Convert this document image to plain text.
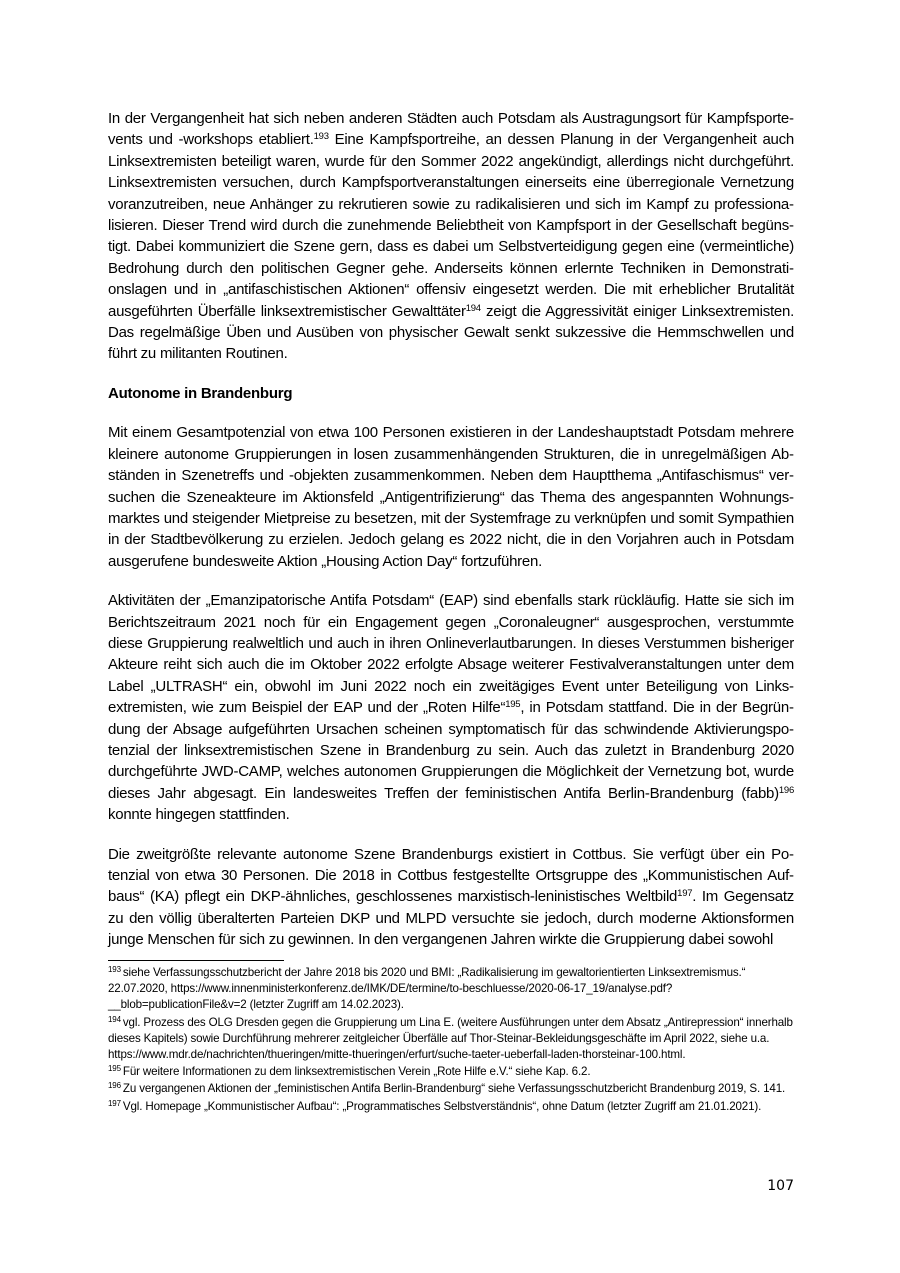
In der Vergangenheit hat sich neben anderen Städten auch Potsdam als Austragungsort für Kampfsportevents und -workshops etabliert.$^{193}$ Eine Kampfsportreihe, an dessen Planung in der Vergangenheit auch Linksextremisten beteiligt waren, wurde für den Sommer 2022 angekündigt, allerdings nicht durchgeführt. Linksextremisten versuchen, durch Kampfsportveranstaltungen einerseits eine überregionale Vernetzung voranzutreiben, neue Anhänger zu rekrutieren sowie zu radikalisieren und sich im Kampf zu professionalisieren. Dieser Trend wird durch die zunehmende Beliebtheit von Kampfsport in der Gesellschaft begünstigt. Dabei kommuniziert die Szene gern, dass es dabei um Selbstverteidigung gegen eine (vermeintliche) Bedrohung durch den politischen Gegner gehe. Anderseits können erlernte Techniken in Demonstrationslagen und in „antifaschistischen Aktionen“ offensiv eingesetzt werden. Die mit erheblicher Brutalität ausgeführten Überfälle linksextremistischer Gewalttäter$^{194}$ zeigt die Aggressivität einiger Linksextremisten. Das regelmäßige Üben und Ausüben von physischer Gewalt senkt sukzessive die Hemmschwellen und führt zu militanten Routinen.

Autonome in Brandenburg

Mit einem Gesamtpotenzial von etwa 100 Personen existieren in der Landeshauptstadt Potsdam mehrere kleinere autonome Gruppierungen in losen zusammenhängenden Strukturen, die in unregelmäßigen Abständen in Szenetreffs und -objekten zusammenkommen. Neben dem Hauptthema „Antifaschismus“ versuchen die Szeneakteure im Aktionsfeld „Antigentrifizierung“ das Thema des angespannten Wohnungsmarktes und steigender Mietpreise zu besetzen, mit der Systemfrage zu verknüpfen und somit Sympathien in der Stadtbevölkerung zu erzielen. Jedoch gelang es 2022 nicht, die in den Vorjahren auch in Potsdam ausgerufene bundesweite Aktion „Housing Action Day“ fortzuführen.

Aktivitäten der „Emanzipatorische Antifa Potsdam“ (EAP) sind ebenfalls stark rückläufig. Hatte sie sich im Berichtszeitraum 2021 noch für ein Engagement gegen „Coronaleugner“ ausgesprochen, verstummte diese Gruppierung realweltlich und auch in ihren Onlineverlautbarungen. In dieses Verstummen bisheriger Akteure reiht sich auch die im Oktober 2022 erfolgte Absage weiterer Festivalveranstaltungen unter dem Label „ULTRASH“ ein, obwohl im Juni 2022 noch ein zweitägiges Event unter Beteiligung von Linksextremisten, wie zum Beispiel der EAP und der „Roten Hilfe“$^{195}$, in Potsdam stattfand. Die in der Begründung der Absage aufgeführten Ursachen scheinen symptomatisch für das schwindende Aktivierungspotenzial der linksextremistischen Szene in Brandenburg zu sein. Auch das zuletzt in Brandenburg 2020 durchgeführte JWD-CAMP, welches autonomen Gruppierungen die Möglichkeit der Vernetzung bot, wurde dieses Jahr abgesagt. Ein landesweites Treffen der feministischen Antifa Berlin-Brandenburg (fabb)$^{196}$ konnte hingegen stattfinden.

Die zweitgrößte relevante autonome Szene Brandenburgs existiert in Cottbus. Sie verfügt über ein Potenzial von etwa 30 Personen. Die 2018 in Cottbus festgestellte Ortsgruppe des „Kommunistischen Aufbaus“ (KA) pflegt ein DKP-ähnliches, geschlossenes marxistisch-leninistisches Weltbild$^{197}$. Im Gegensatz zu den völlig überalterten Parteien DKP und MLPD versuchte sie jedoch, durch moderne Aktionsformen junge Menschen für sich zu gewinnen. In den vergangenen Jahren wirkte die Gruppierung dabei sowohl

$^{193}$ siehe Verfassungsschutzbericht der Jahre 2018 bis 2020 und BMI: „Radikalisierung im gewaltorientierten Linksextremismus.“ 22.07.2020, https://www.innenministerkonferenz.de/IMK/DE/termine/to-beschluesse/2020-06-17_19/analyse.pdf?__blob=publicationFile&v=2 (letzter Zugriff am 14.02.2023).
$^{194}$ vgl. Prozess des OLG Dresden gegen die Gruppierung um Lina E. (weitere Ausführungen unter dem Absatz „Antirepression“ innerhalb dieses Kapitels) sowie Durchführung mehrerer zeitgleicher Überfälle auf Thor-Steinar-Bekleidungsgeschäfte im April 2022, siehe u.a. https://www.mdr.de/nachrichten/thueringen/mitte-thueringen/erfurt/suche-taeter-ueberfall-laden-thorsteinar-100.html.
$^{195}$ Für weitere Informationen zu dem linksextremistischen Verein „Rote Hilfe e.V.“ siehe Kap. 6.2.
$^{196}$ Zu vergangenen Aktionen der „feministischen Antifa Berlin-Brandenburg“ siehe Verfassungsschutzbericht Brandenburg 2019, S. 141.
$^{197}$ Vgl. Homepage „Kommunistischer Aufbau“: „Programmatisches Selbstverständnis“, ohne Datum (letzter Zugriff am 21.01.2021).
107
